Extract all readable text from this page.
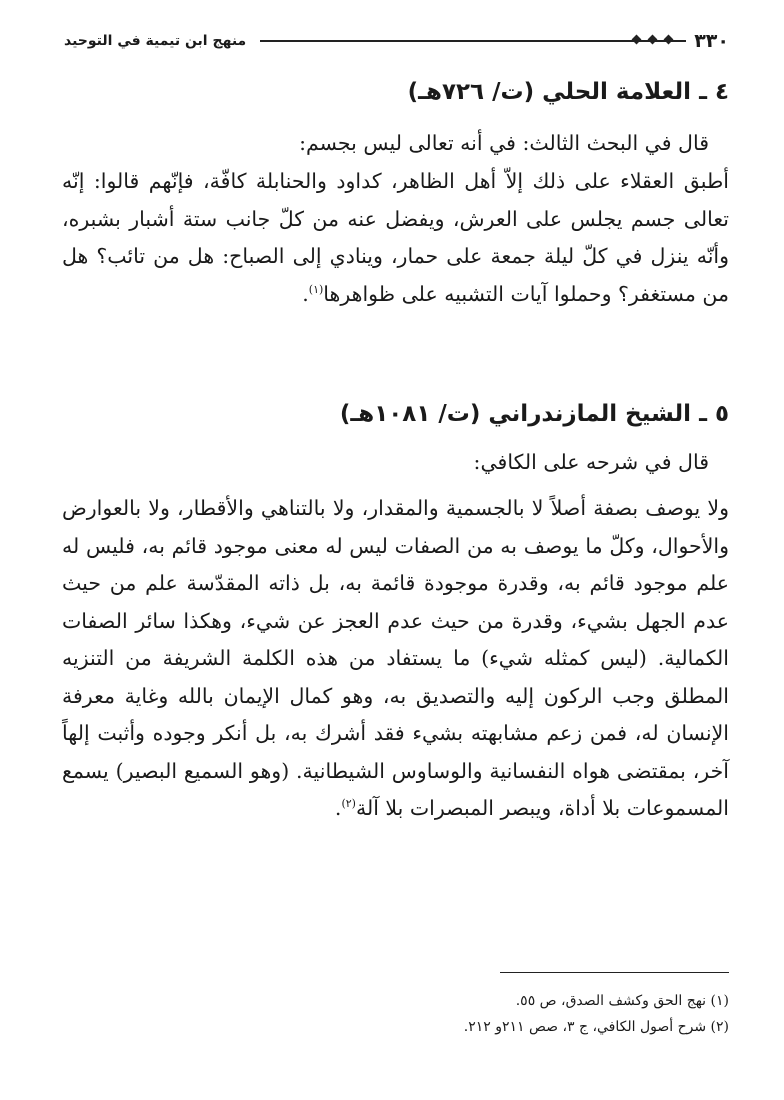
٣٣٠
منهج ابن تيمية في التوحيد
٤ ـ العلامة الحلي (ت/ ٧٢٦هـ)
قال في البحث الثالث: في أنه تعالى ليس بجسم:

أطبق العقلاء على ذلك إلاّ أهل الظاهر، كداود والحنابلة كافّة، فإنّهم قالوا: إنّه تعالى جسم يجلس على العرش، ويفضل عنه من كلّ جانب ستة أشبار بشبره، وأنّه ينزل في كلّ ليلة جمعة على حمار، وينادي إلى الصباح: هل من تائب؟ هل من مستغفر؟ وحملوا آيات التشبيه على ظواهرها$^{(١)}$.

٥ ـ الشيخ المازندراني (ت/ ١٠٨١هـ)
قال في شرحه على الكافي:

ولا يوصف بصفة أصلاً لا بالجسمية والمقدار، ولا بالتناهي والأقطار، ولا بالعوارض والأحوال، وكلّ ما يوصف به من الصفات ليس له معنى موجود قائم به، فليس له علم موجود قائم به، وقدرة موجودة قائمة به، بل ذاته المقدّسة علم من حيث عدم الجهل بشيء، وقدرة من حيث عدم العجز عن شيء، وهكذا سائر الصفات الكمالية. (ليس كمثله شيء) ما يستفاد من هذه الكلمة الشريفة من التنزيه المطلق وجب الركون إليه والتصديق به، وهو كمال الإيمان بالله وغاية معرفة الإنسان له، فمن زعم مشابهته بشيء فقد أشرك به، بل أنكر وجوده وأثبت إلهاً آخر، بمقتضى هواه النفسانية والوساوس الشيطانية. (وهو السميع البصير) يسمع المسموعات بلا أداة، ويبصر المبصرات بلا آلة$^{(٢)}$.

(١) نهج الحق وكشف الصدق، ص ٥٥.
(٢) شرح أصول الكافي، ج ٣، صص ٢١١و ٢١٢.
